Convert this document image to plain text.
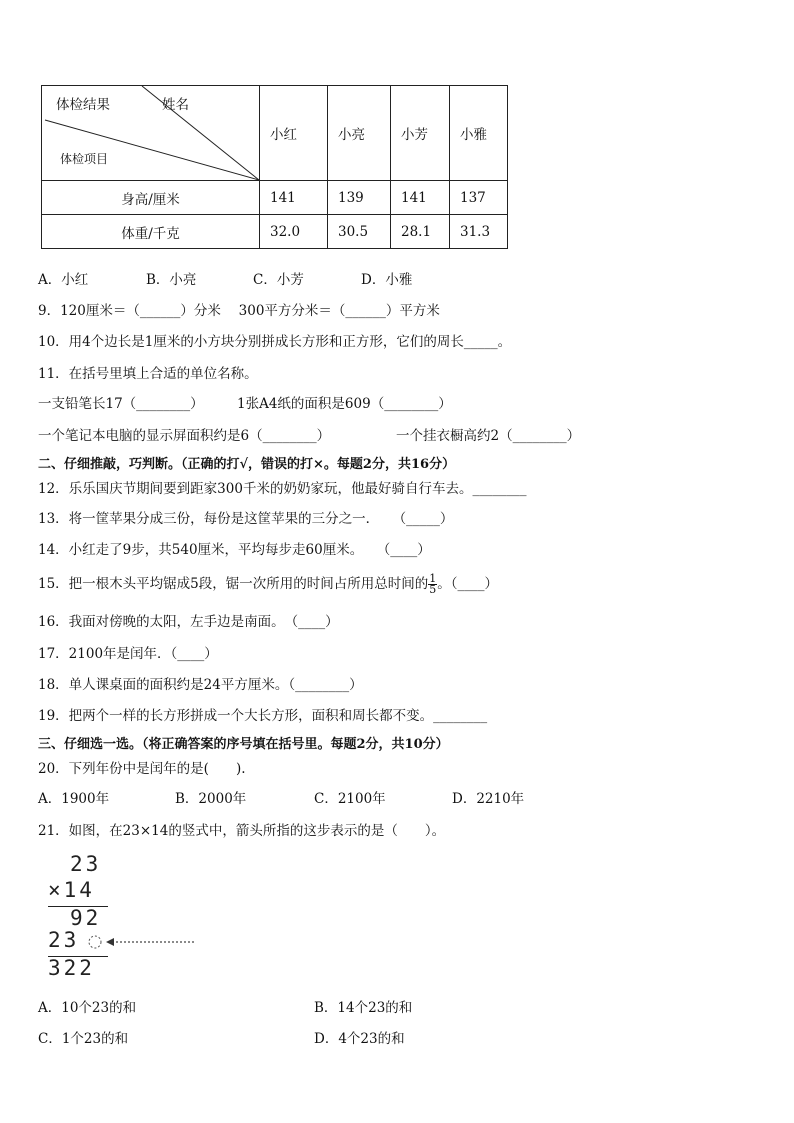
姓名
体检结果
体检项目	小红	小亮	小芳	小雅
身高/厘米	141	139	141	137
体重/千克	32.0	30.5	28.1	31.3
A．小红	B．小亮	C．小芳	D．小雅
9．120厘米＝（______）分米　 300平方分米＝（______）平方米
10．用4个边长是1厘米的小方块分别拼成长方形和正方形，它们的周长_____。
11．在括号里填上合适的单位名称。
一支铅笔长17（________） 1张A4纸的面积是609（________）
一个笔记本电脑的显示屏面积约是6（________）	一个挂衣橱高约2（________）
二、仔细推敲，巧判断。（正确的打√，错误的打×。每题2分，共16分）
12．乐乐国庆节期间要到距家300千米的奶奶家玩，他最好骑自行车去。________
13．将一筐苹果分成三份，每份是这筐苹果的三分之一．　　（_____）
14．小红走了9步，共540厘米，平均每步走60厘米。　　（____）
15．把一根木头平均锯成5段，锯一次所用的时间占所用总时间的 $\frac{1}{5}$ 。（____）
16．我面对傍晚的太阳，左手边是南面。　（____）
17．2100年是闰年．（____）
18．单人课桌面的面积约是24平方厘米。（________）
19．把两个一样的长方形拼成一个大长方形，面积和周长都不变。________
三、仔细选一选。（将正确答案的序号填在括号里。每题2分，共10分）
20．下列年份中是闰年的是(　　).
A．1900年	B．2000年	C．2100年	D．2210年
21．如图，在23×14的竖式中，箭头所指的这步表示的是（　　）。
23
×14
92
23
322
A．10个23的和	B．14个23的和
C．1个23的和	D．4个23的和
